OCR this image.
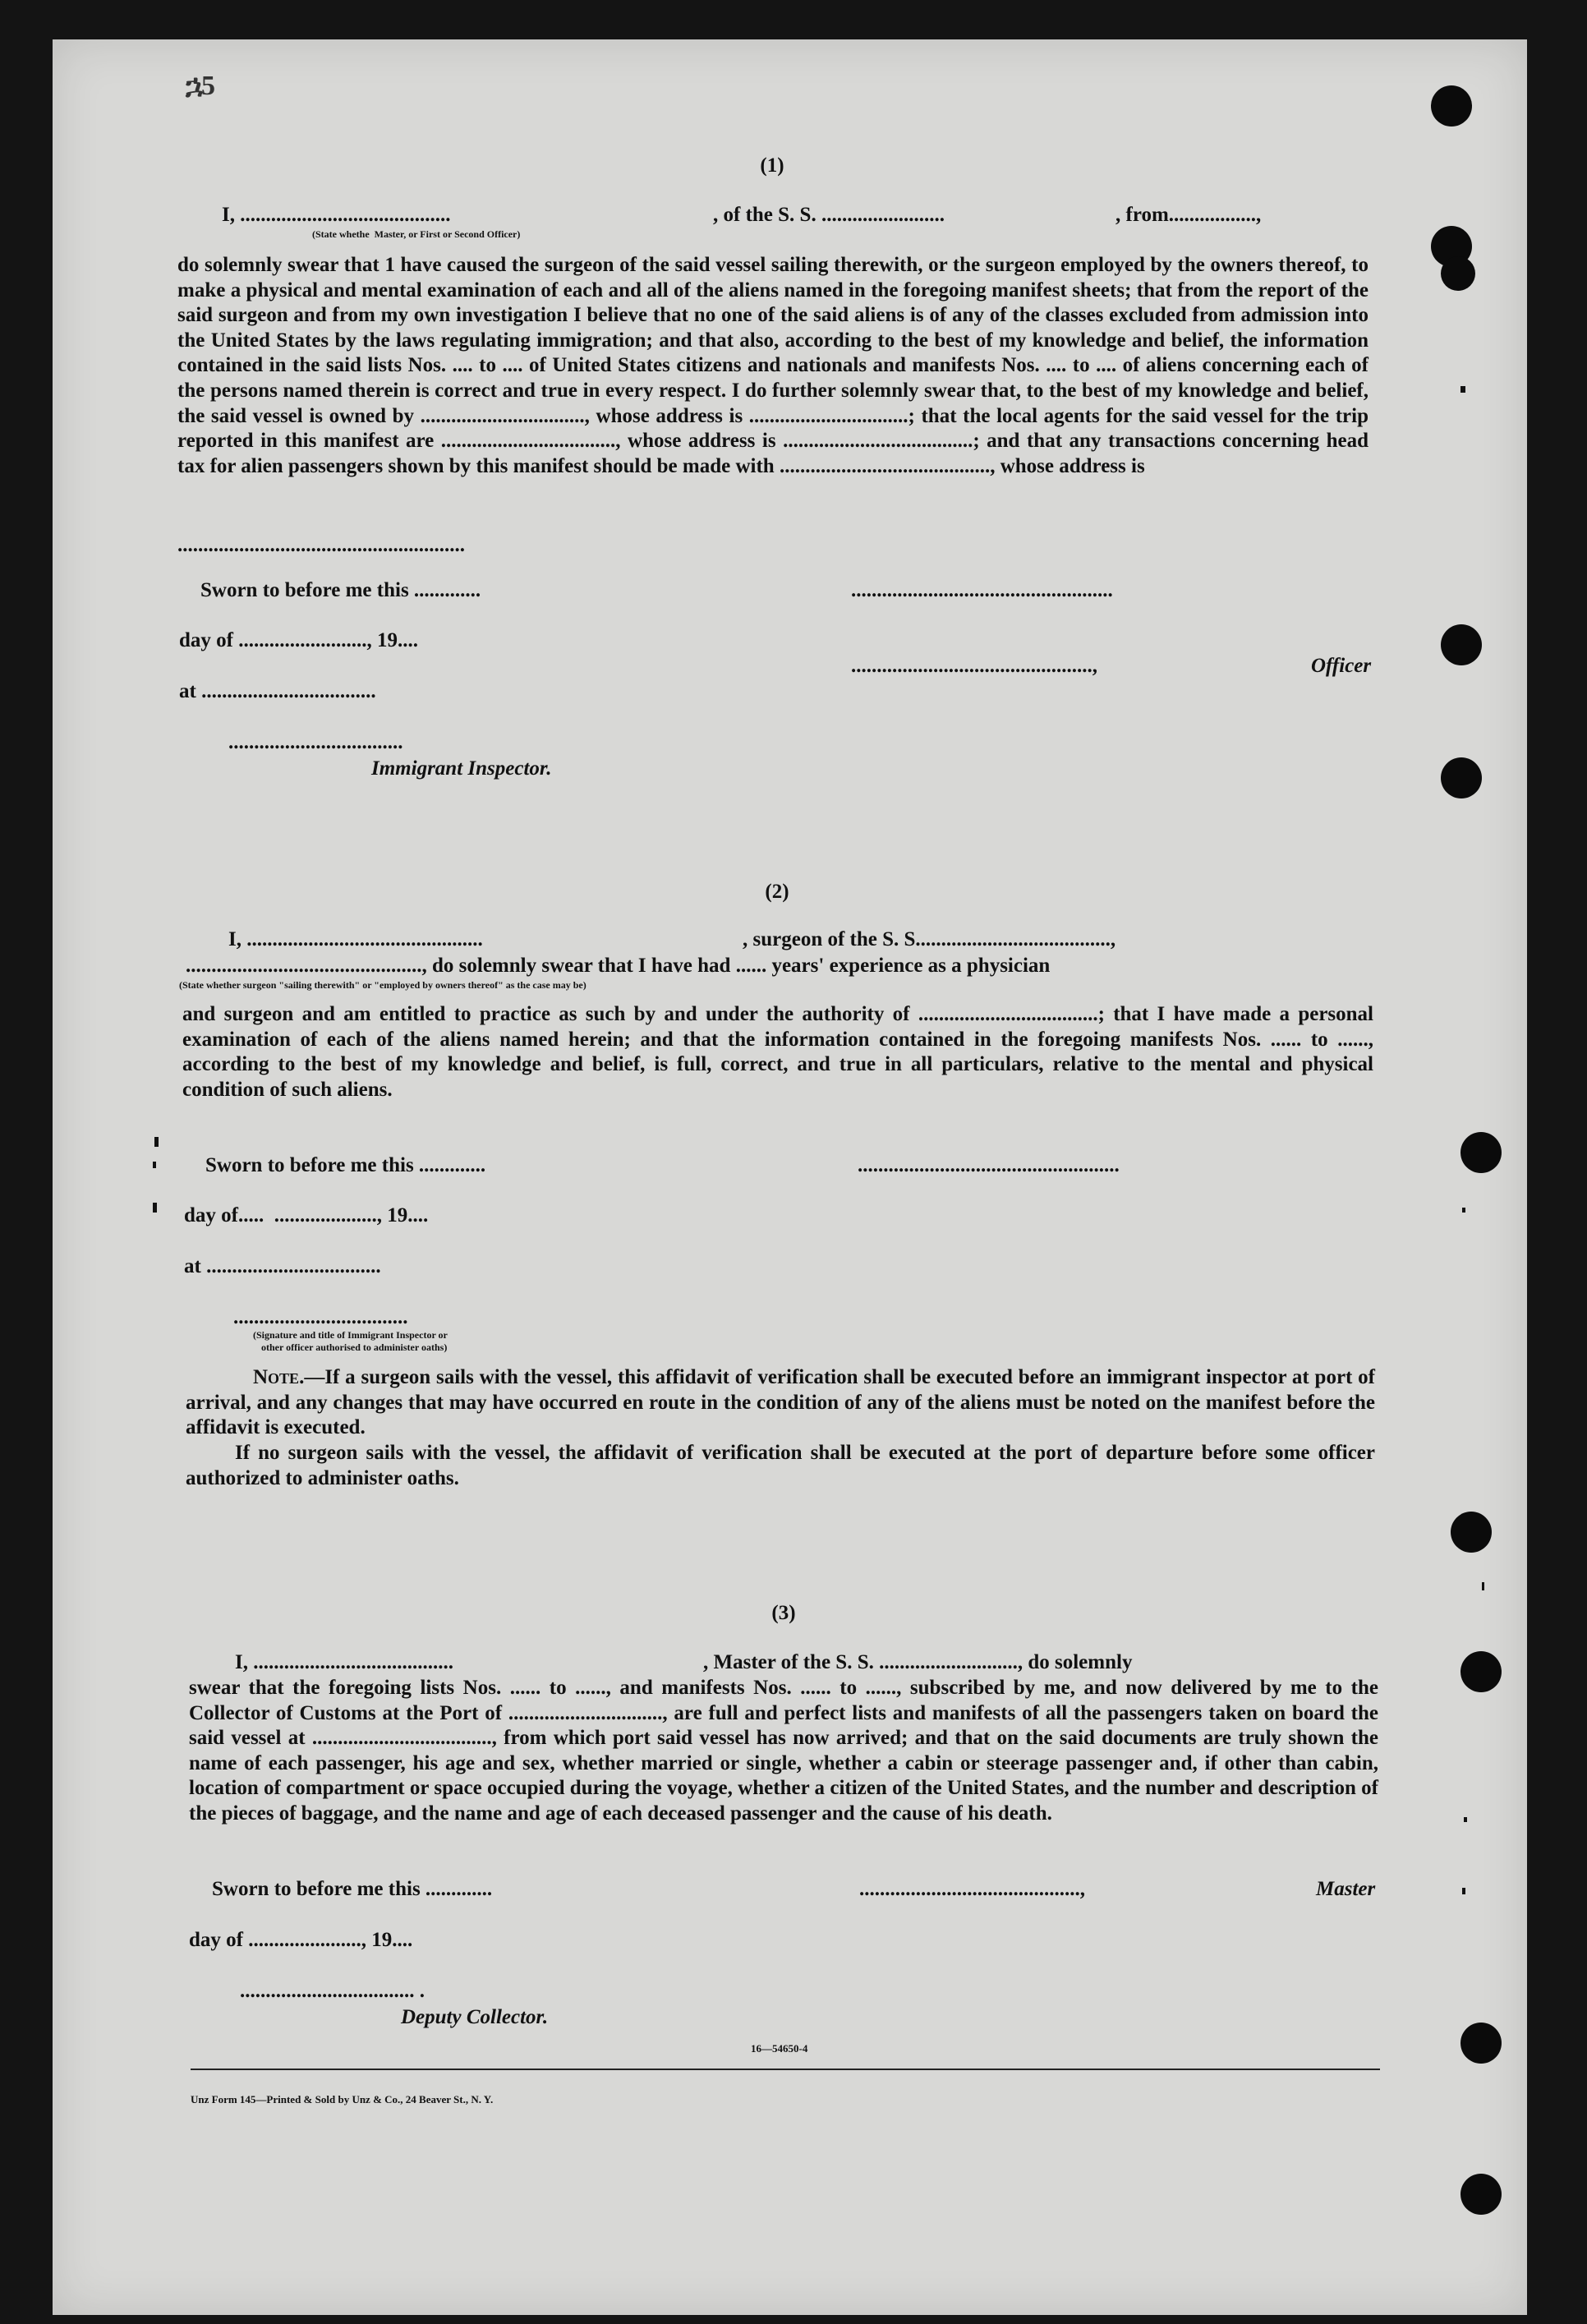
ኋ5
(1)
I, .........................................	, of the S. S. ........................	, from.................,
(State whethe  Master, or First or Second Officer)
do solemnly swear that 1 have caused the surgeon of the said vessel sailing therewith, or the surgeon employed by the owners thereof, to make a physical and mental examination of each and all of the aliens named in the foregoing manifest sheets; that from the report of the said surgeon and from my own investigation I believe that no one of the said aliens is of any of the classes excluded from admission into the United States by the laws regulating immigration; and that also, according to the best of my knowledge and belief, the information contained in the said lists Nos. .... to .... of United States citizens and nationals and manifests Nos. .... to .... of aliens concerning each of the persons named therein is correct and true in every respect. I do further solemnly swear that, to the best of my knowledge and belief, the said vessel is owned by ................................, whose address is ...............................; that the local agents for the said vessel for the trip reported in this manifest are .................................., whose address is .....................................; and that any transactions concerning head tax for alien passengers shown by this manifest should be made with ........................................., whose address is
........................................................
Sworn to before me this .............
day of ........................., 19....
at ..................................
..................................
Immigrant Inspector.
...................................................
...............................................,	Officer
(2)
I, ..............................................	, surgeon of the S. S......................................,
.............................................., do solemnly swear that I have had ...... years' experience as a physician
(State whether surgeon "sailing therewith" or "employed by owners thereof" as the case may be)
and surgeon and am entitled to practice as such by and under the authority of ...................................; that I have made a personal examination of each of the aliens named herein; and that the information contained in the foregoing manifests Nos. ...... to ......, according to the best of my knowledge and belief, is full, correct, and true in all particulars, relative to the mental and physical condition of such aliens.
Sworn to before me this .............
day of.....  ...................., 19....
at ..................................
..................................
(Signature and title of Immigrant Inspector or
other officer authorised to administer oaths)
...................................................
Note.—If a surgeon sails with the vessel, this affidavit of verification shall be executed before an immigrant inspector at port of arrival, and any changes that may have occurred en route in the condition of any of the aliens must be noted on the manifest before the affidavit is executed.
If no surgeon sails with the vessel, the affidavit of verification shall be executed at the port of departure before some officer authorized to administer oaths.
(3)
I, .......................................	, Master of the S. S. ..........................., do solemnly
swear that the foregoing lists Nos. ...... to ......, and manifests Nos. ...... to ......, subscribed by me, and now delivered by me to the Collector of Customs at the Port of .............................., are full and perfect lists and manifests of all the passengers taken on board the said vessel at ..................................., from which port said vessel has now arrived; and that on the said documents are truly shown the name of each passenger, his age and sex, whether married or single, whether a cabin or steerage passenger and, if other than cabin, location of compartment or space occupied during the voyage, whether a citizen of the United States, and the number and description of the pieces of baggage, and the name and age of each deceased passenger and the cause of his death.
Sworn to before me this .............
day of ......................, 19....
.................................. .
Deputy Collector.
...........................................,	Master
16—54650-4
Unz Form 145—Printed & Sold by Unz & Co., 24 Beaver St., N. Y.
